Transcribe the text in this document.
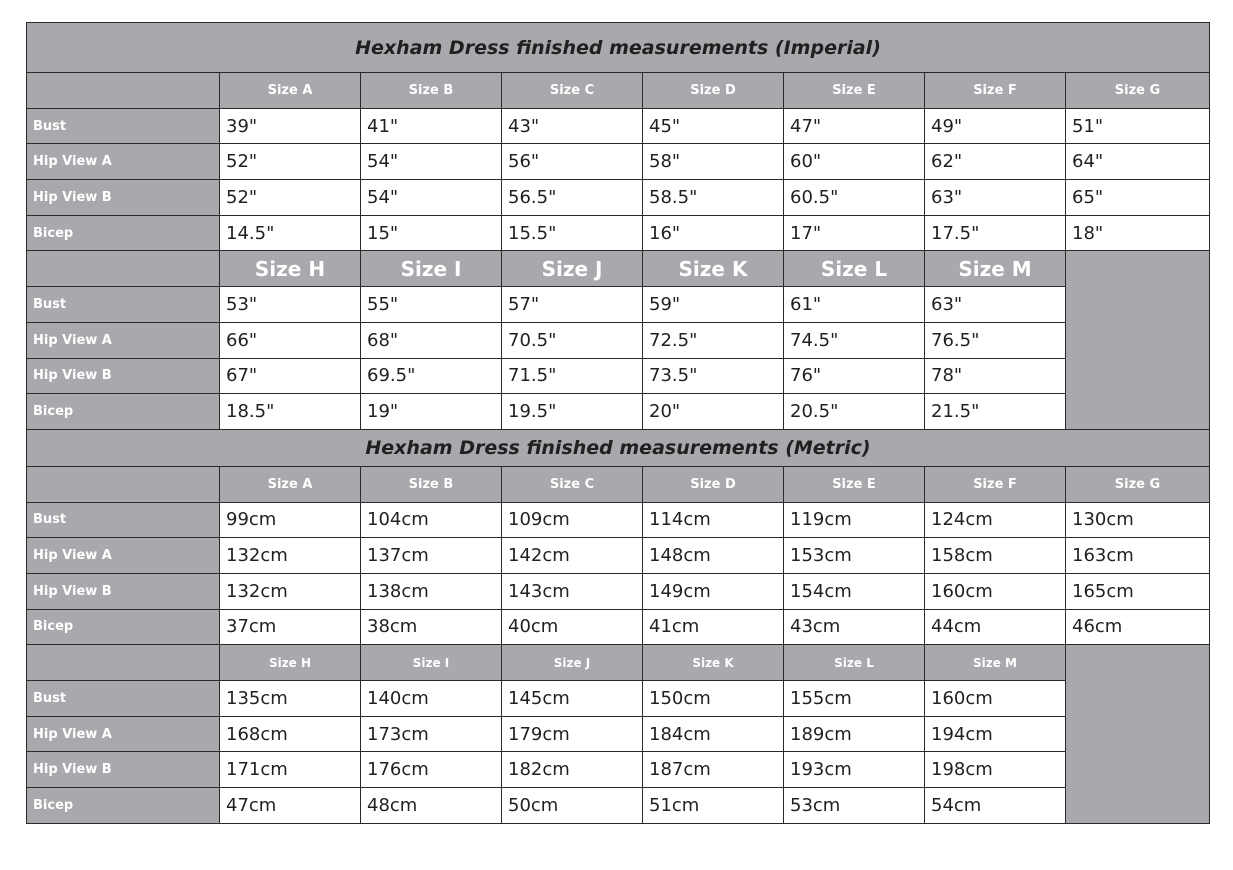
Hexham Dress finished measurements (Imperial)							
	Size A	Size B	Size C	Size D	Size E	Size F	Size G
Bust	39"	41"	43"	45"	47"	49"	51"
Hip View A	52"	54"	56"	58"	60"	62"	64"
Hip View B	52"	54"	56.5"	58.5"	60.5"	63"	65"
Bicep	14.5"	15"	15.5"	16"	17"	17.5"	18"
	Size H	Size I	Size J	Size K	Size L	Size M	
Bust	53"	55"	57"	59"	61"	63"	
Hip View A	66"	68"	70.5"	72.5"	74.5"	76.5"	
Hip View B	67"	69.5"	71.5"	73.5"	76"	78"	
Bicep	18.5"	19"	19.5"	20"	20.5"	21.5"	
Hexham Dress finished measurements (Metric)							
	Size A	Size B	Size C	Size D	Size E	Size F	Size G
Bust	99cm	104cm	109cm	114cm	119cm	124cm	130cm
Hip View A	132cm	137cm	142cm	148cm	153cm	158cm	163cm
Hip View B	132cm	138cm	143cm	149cm	154cm	160cm	165cm
Bicep	37cm	38cm	40cm	41cm	43cm	44cm	46cm
	Size H	Size I	Size J	Size K	Size L	Size M	
Bust	135cm	140cm	145cm	150cm	155cm	160cm	
Hip View A	168cm	173cm	179cm	184cm	189cm	194cm	
Hip View B	171cm	176cm	182cm	187cm	193cm	198cm	
Bicep	47cm	48cm	50cm	51cm	53cm	54cm	
